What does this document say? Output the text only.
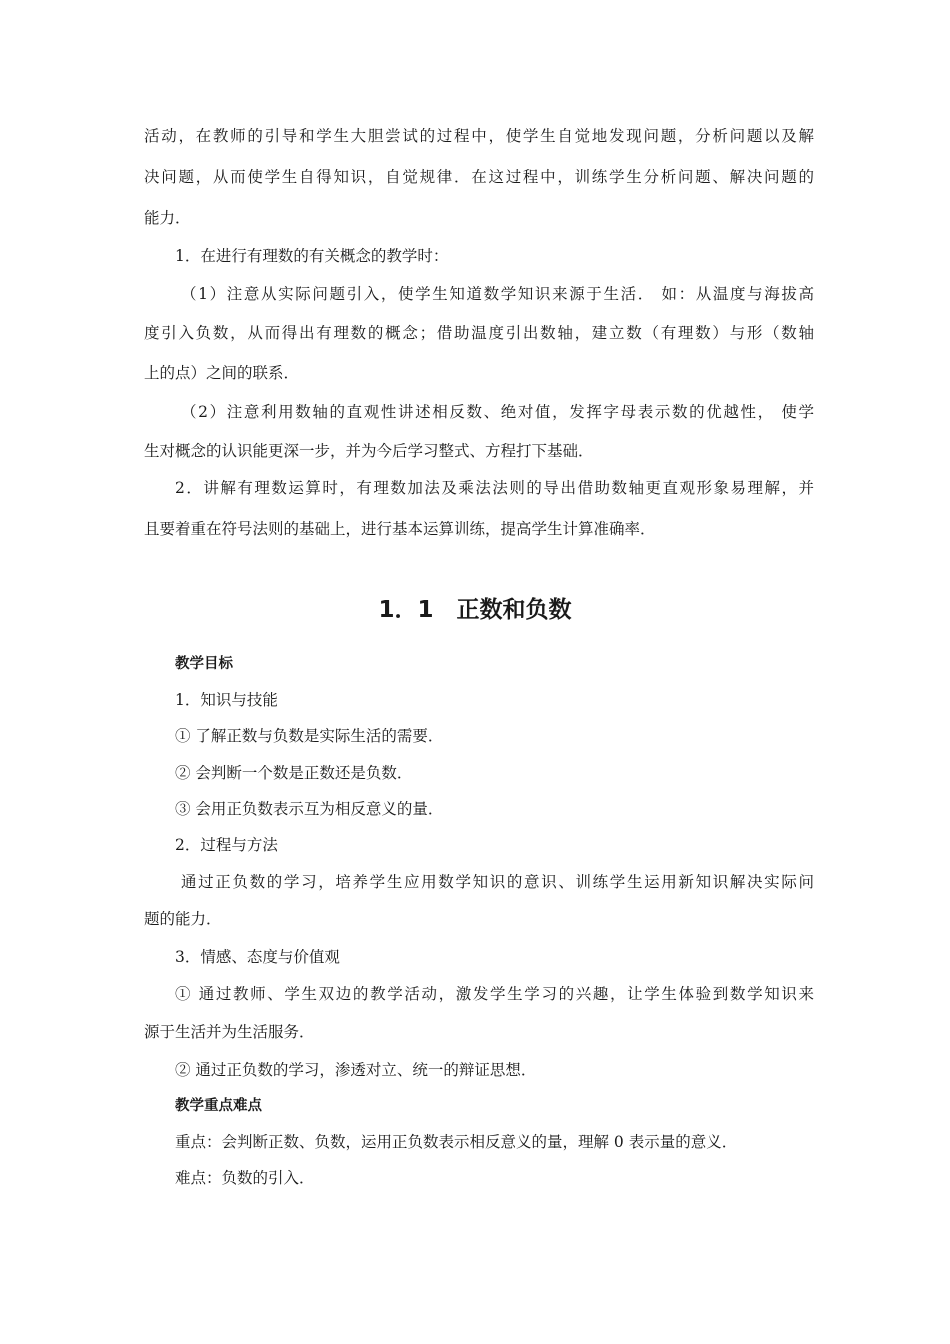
活动，在教师的引导和学生大胆尝试的过程中，使学生自觉地发现问题，分析问题以及解
决问题，从而使学生自得知识，自觉规律．在这过程中，训练学生分析问题、解决问题的
能力．
1．在进行有理数的有关概念的教学时：
（1）注意从实际问题引入，使学生知道数学知识来源于生活． 如：从温度与海拔高
度引入负数，从而得出有理数的概念；借助温度引出数轴，建立数（有理数）与形（数轴
上的点）之间的联系．
（2）注意利用数轴的直观性讲述相反数、绝对值，发挥字母表示数的优越性， 使学
生对概念的认识能更深一步，并为今后学习整式、方程打下基础．
2．讲解有理数运算时，有理数加法及乘法法则的导出借助数轴更直观形象易理解，并
且要着重在符号法则的基础上，进行基本运算训练，提高学生计算准确率．
1．1　正数和负数
教学目标
1．知识与技能
① 了解正数与负数是实际生活的需要．
② 会判断一个数是正数还是负数．
③ 会用正负数表示互为相反意义的量．
2．过程与方法
通过正负数的学习，培养学生应用数学知识的意识、训练学生运用新知识解决实际问
题的能力．
3．情感、态度与价值观
① 通过教师、学生双边的教学活动，激发学生学习的兴趣，让学生体验到数学知识来
源于生活并为生活服务．
② 通过正负数的学习，渗透对立、统一的辩证思想．
教学重点难点
重点：会判断正数、负数，运用正负数表示相反意义的量，理解 0 表示量的意义．
难点：负数的引入．
